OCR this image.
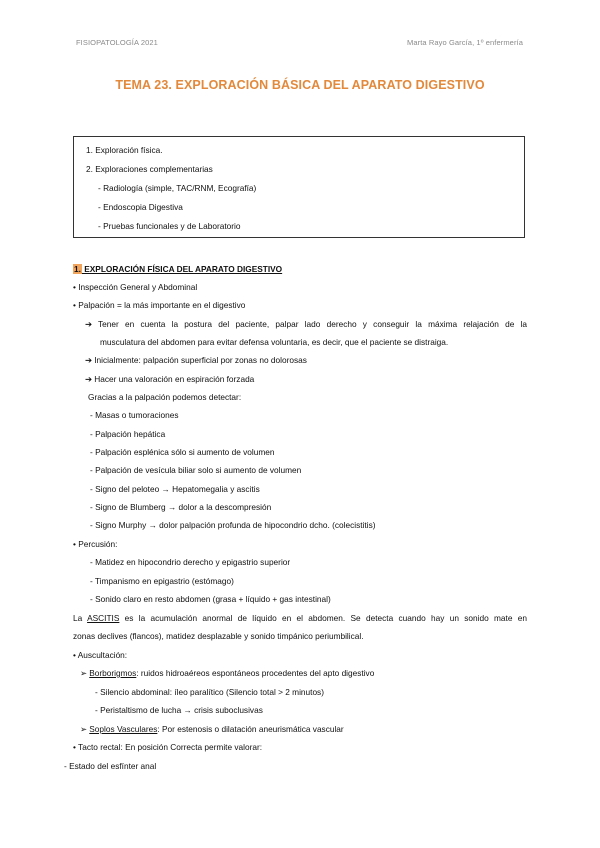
FISIOPATOLOGÍA 2021	Marta Rayo García, 1º enfermería
TEMA 23. EXPLORACIÓN BÁSICA DEL APARATO DIGESTIVO
1. Exploración física.
2. Exploraciones complementarias
- Radiología (simple, TAC/RNM, Ecografía)
- Endoscopia Digestiva
- Pruebas funcionales y de Laboratorio
1. EXPLORACIÓN FÍSICA DEL APARATO DIGESTIVO
• Inspección General y Abdominal
• Palpación = la más importante en el digestivo
➔ Tener en cuenta la postura del paciente, palpar lado derecho y conseguir la máxima relajación de la
musculatura del abdomen para evitar defensa voluntaria, es decir, que el paciente se distraiga.
➔ Inicialmente: palpación superficial por zonas no dolorosas
➔ Hacer una valoración en espiración forzada
Gracias a la palpación podemos detectar:
- Masas o tumoraciones
- Palpación hepática
- Palpación esplénica sólo si aumento de volumen
- Palpación de vesícula biliar solo si aumento de volumen
- Signo del peloteo → Hepatomegalia y ascitis
- Signo de Blumberg → dolor a la descompresión
- Signo Murphy → dolor palpación profunda de hipocondrio dcho. (colecistitis)
• Percusión:
- Matidez en hipocondrio derecho y epigastrio superior
- Timpanismo en epigastrio (estómago)
- Sonido claro en resto abdomen (grasa + líquido + gas intestinal)
La ASCITIS es la acumulación anormal de líquido en el abdomen. Se detecta cuando hay un sonido mate en
zonas declives (flancos), matidez desplazable y sonido timpánico periumbilical.
• Auscultación:
➢ Borborigmos: ruidos hidroaéreos espontáneos procedentes del apto digestivo
- Silencio abdominal: íleo paralítico (Silencio total > 2 minutos)
- Peristaltismo de lucha → crisis suboclusivas
➢ Soplos Vasculares: Por estenosis o dilatación aneurismática vascular
• Tacto rectal: En posición Correcta permite valorar:
- Estado del esfínter anal
